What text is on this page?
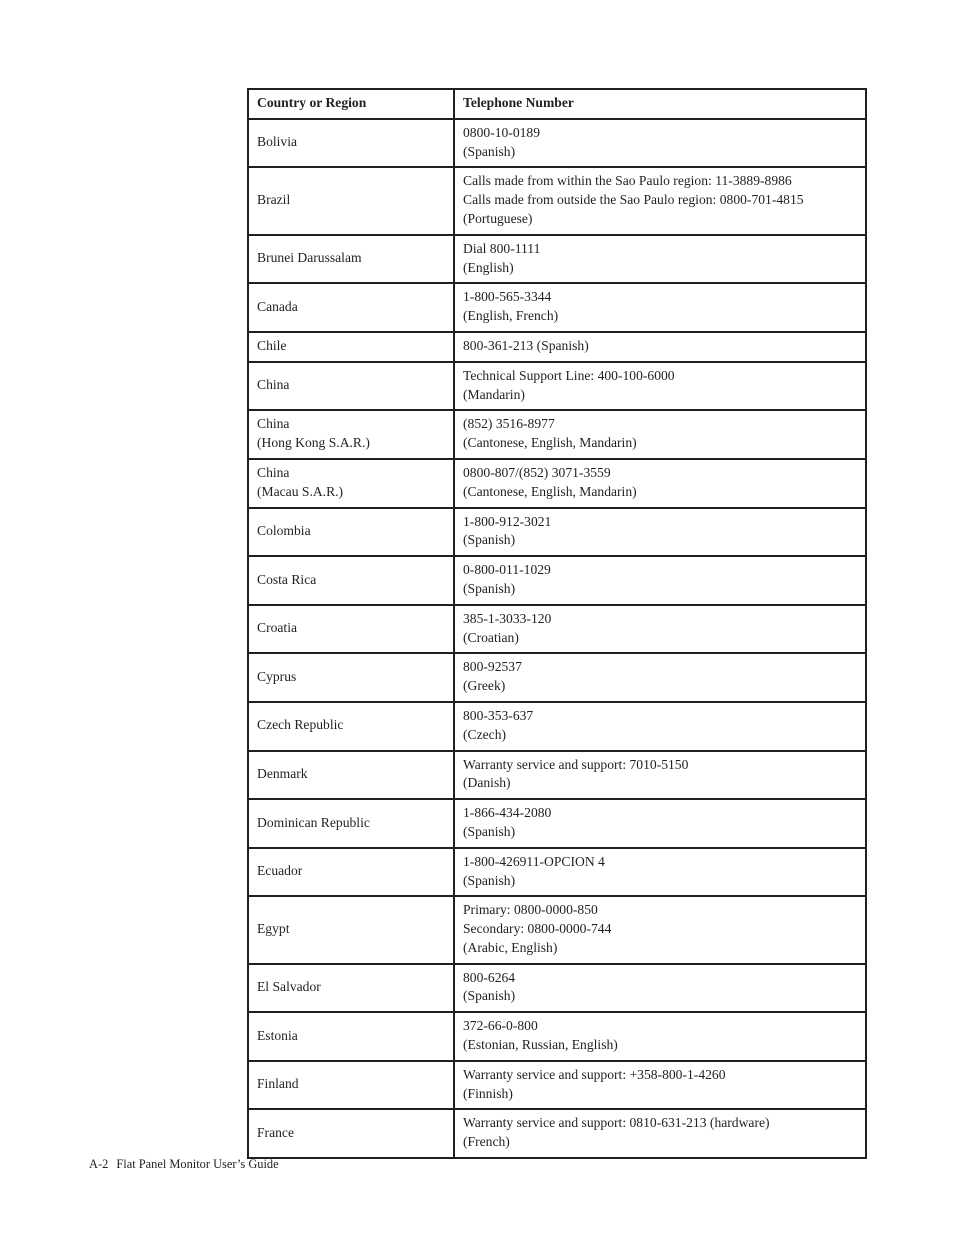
Country or Region	Telephone Number

Bolivia	0800-10-0189
(Spanish)

Brazil	Calls made from within the Sao Paulo region: 11-3889-8986
Calls made from outside the Sao Paulo region: 0800-701-4815
(Portuguese)

Brunei Darussalam	Dial 800-1111
(English)

Canada	1-800-565-3344
(English, French)

Chile	800-361-213 (Spanish)

China	Technical Support Line: 400-100-6000
(Mandarin)

China
(Hong Kong S.A.R.)	(852) 3516-8977
(Cantonese, English, Mandarin)

China
(Macau S.A.R.)	0800-807/(852) 3071-3559
(Cantonese, English, Mandarin)

Colombia	1-800-912-3021
(Spanish)

Costa Rica	0-800-011-1029
(Spanish)

Croatia	385-1-3033-120
(Croatian)

Cyprus	800-92537
(Greek)

Czech Republic	800-353-637
(Czech)

Denmark	Warranty service and support: 7010-5150
(Danish)

Dominican Republic	1-866-434-2080
(Spanish)

Ecuador	1-800-426911-OPCION 4
(Spanish)

Egypt	Primary: 0800-0000-850
Secondary: 0800-0000-744
(Arabic, English)

El Salvador	800-6264
(Spanish)

Estonia	372-66-0-800
(Estonian, Russian, English)

Finland	Warranty service and support: +358-800-1-4260
(Finnish)

France	Warranty service and support: 0810-631-213 (hardware)
(French)
A-2 Flat Panel Monitor User’s Guide
